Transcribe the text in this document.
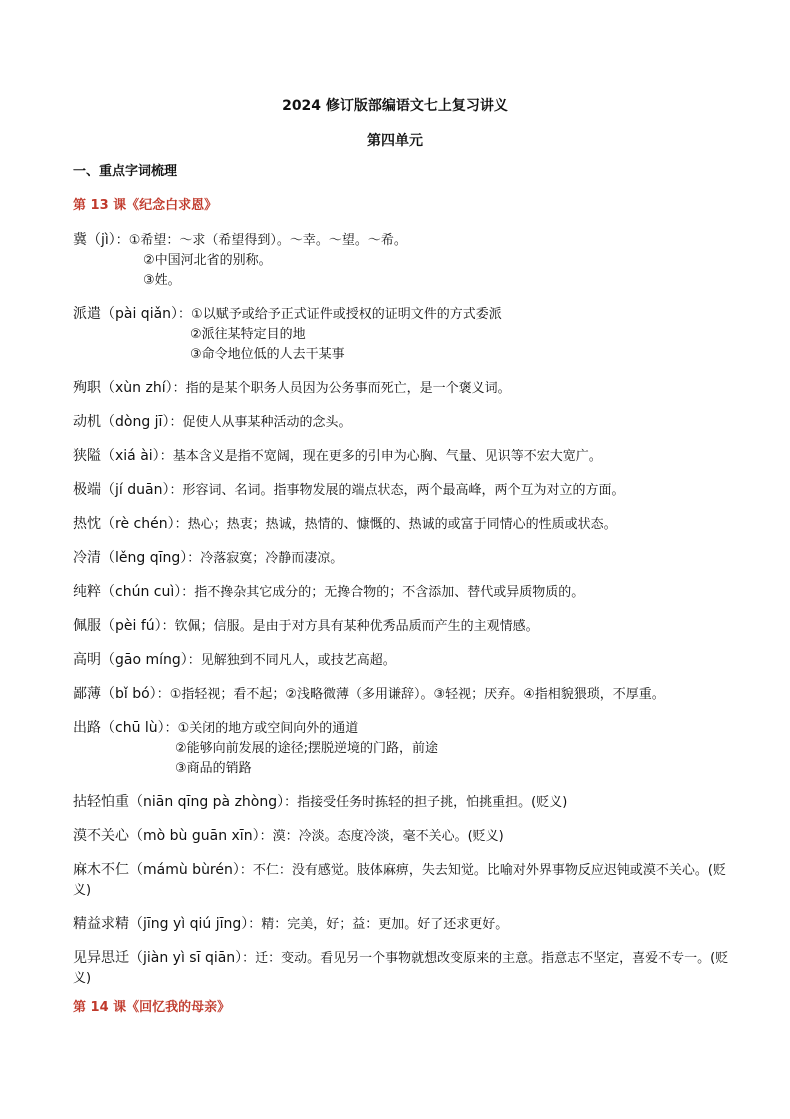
2024 修订版部编语文七上复习讲义
第四单元
一、重点字词梳理
第 13 课《纪念白求恩》
冀（jì）：①希望：～求（希望得到）。～幸。～望。～希。
②中国河北省的别称。
③姓。
派遣（pài qiǎn）：①以赋予或给予正式证件或授权的证明文件的方式委派
②派往某特定目的地
③命令地位低的人去干某事
殉职（xùn zhí）：指的是某个职务人员因为公务事而死亡，是一个褒义词。
动机（dòng jī）：促使人从事某种活动的念头。
狭隘（xiá ài）：基本含义是指不宽阔，现在更多的引申为心胸、气量、见识等不宏大宽广。
极端（jí duān）：形容词、名词。指事物发展的端点状态，两个最高峰，两个互为对立的方面。
热忱（rè chén）：热心；热衷；热诚，热情的、慷慨的、热诚的或富于同情心的性质或状态。
冷清（lěng qīng）：冷落寂寞；冷静而凄凉。
纯粹（chún cuì）：指不搀杂其它成分的；无搀合物的；不含添加、替代或异质物质的。
佩服（pèi fú）：钦佩；信服。是由于对方具有某种优秀品质而产生的主观情感。
高明（gāo míng）：见解独到不同凡人，或技艺高超。
鄙薄（bǐ bó）：①指轻视；看不起；②浅略微薄（多用谦辞）。③轻视；厌弃。④指相貌猥琐，不厚重。
出路（chū lù）：①关闭的地方或空间向外的通道
②能够向前发展的途径;摆脱逆境的门路，前途
③商品的销路
拈轻怕重（niān qīng pà zhòng）：指接受任务时拣轻的担子挑，怕挑重担。(贬义)
漠不关心（mò bù guān xīn）：漠：冷淡。态度冷淡，毫不关心。(贬义)
麻木不仁（mámù bùrén）：不仁：没有感觉。肢体麻痹，失去知觉。比喻对外界事物反应迟钝或漠不关心。(贬义)
精益求精（jīng yì qiú jīng）：精：完美，好；益：更加。好了还求更好。
见异思迁（jiàn yì sī qiān）：迁：变动。看见另一个事物就想改变原来的主意。指意志不坚定，喜爱不专一。(贬义)
第 14 课《回忆我的母亲》
